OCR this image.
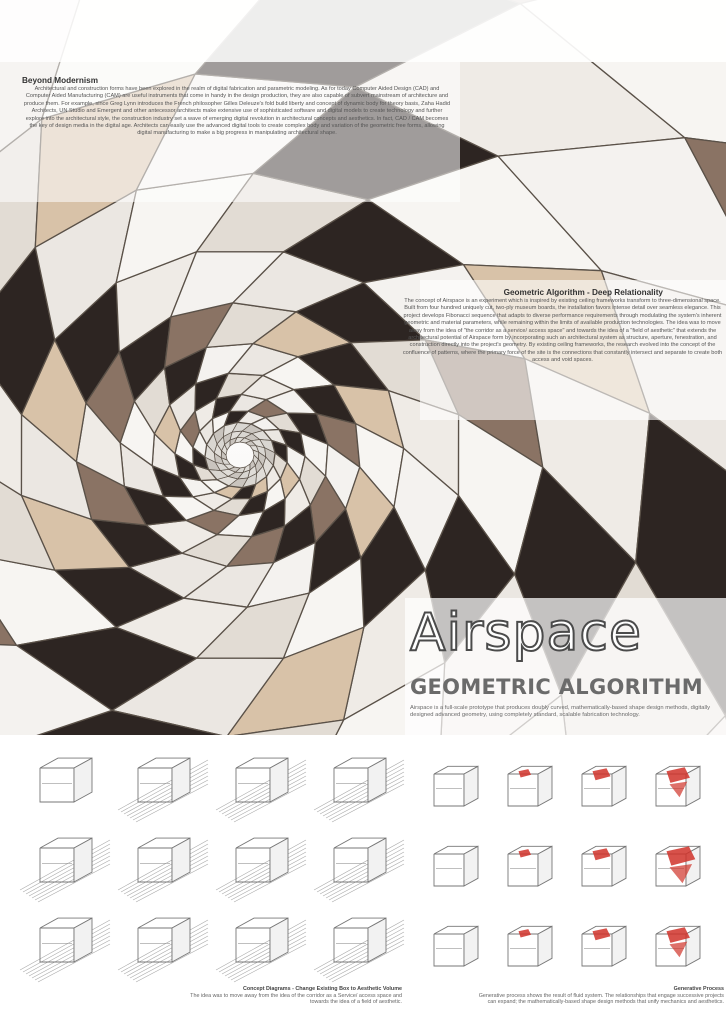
Beyond Modernism

Architectural and construction forms have been explored in the realm of digital fabrication and parametric modeling. As for today Computer Aided Design (CAD) and Computer Aided Manufacturing (CAM) are useful instruments that come in handy in the design production, they are also capable of subvert mainstream of architecture and produce them. For example, since Greg Lynn introduces the French philosopher Gilles Deleuze's fold build liberty and concept of dynamic body for theory basis, Zaha Hadid Architects, UN Studio and Emergent and other antecessor architects make extensive use of sophisticated software and digital models to create technology and further explore into the architectural style, the construction industry set a wave of emerging digital revolution in architectural concepts and aesthetics. In fact, CAD / CAM becomes the key of design media in the digital age. Architects can easily use the advanced digital tools to create complex body and variation of the geometric free forms, allowing digital manufacturing to make a big progress in manipulating architectural shape.

Geometric Algorithm - Deep Relationality

The concept of Airspace is an experiment which is inspired by existing ceiling frameworks transform to three-dimensional space. Built from four hundred uniquely cut, two-ply museum boards, the installation favors intense detail over seamless elegance. This project develops Fibonacci sequence that adapts to diverse performance requirements through modulating the system's inherent geometric and material parameters, while remaining within the limits of available production technologies. The idea was to move away from the idea of "the corridor as a service/ access space" and towards the idea of a "field of aesthetic" that extends the architectural potential of Airspace form by incorporating such an architectural system as structure, aperture, fenestration, and construction directly into the project's geometry. By existing ceiling frameworks, the research evolved into the concept of the confluence of patterns, where the primary force of the site is the connections that constantly intersect and separate to create both access and void spaces.

Airspace
GEOMETRIC ALGORITHM
Airspace is a full-scale prototype that produces doubly curved, mathematically-based shape design methods, digitally designed advanced geometry, using completely standard, scalable fabrication technology.
Concept Diagrams - Change Existing Box to Aesthetic Volume
The idea was to move away from the idea of the corridor as a Service/ access space and towards the idea of a field of aesthetic.
Generative Process
Generative process shows the result of fluid system. The relationships that engage successive projects can expand; the mathematically-based shape design methods that unify mechanics and aesthetics.
